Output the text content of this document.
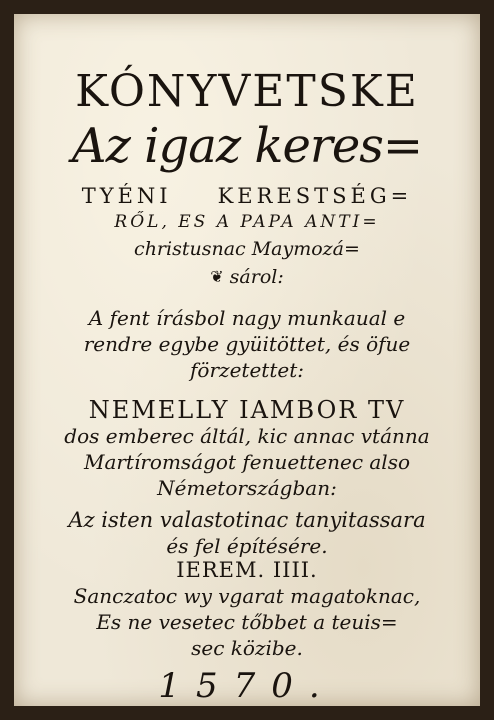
KÓNYVETSKE
Az igaz keres=
TYÉNI KERESTSÉG=
RŐL, ES A PAPA ANTI=
christusnac Maymozá=
❦ sárol:
A fent írásbol nagy munkaual e
rendre egybe gyüitöttet, és öfue
förzetettet:
NEMELLY IAMBOR TV
dos emberec áltál, kic annac vtánna
Martíromságot fenuettenec also
Németországban:
Az isten valastotinac tanyitassara
és fel építésére.
IEREM. IIII.
Sanczatoc wy vgarat magatoknac,
Es ne vesetec tőbbet a teuis=
sec közibe.
1570.
